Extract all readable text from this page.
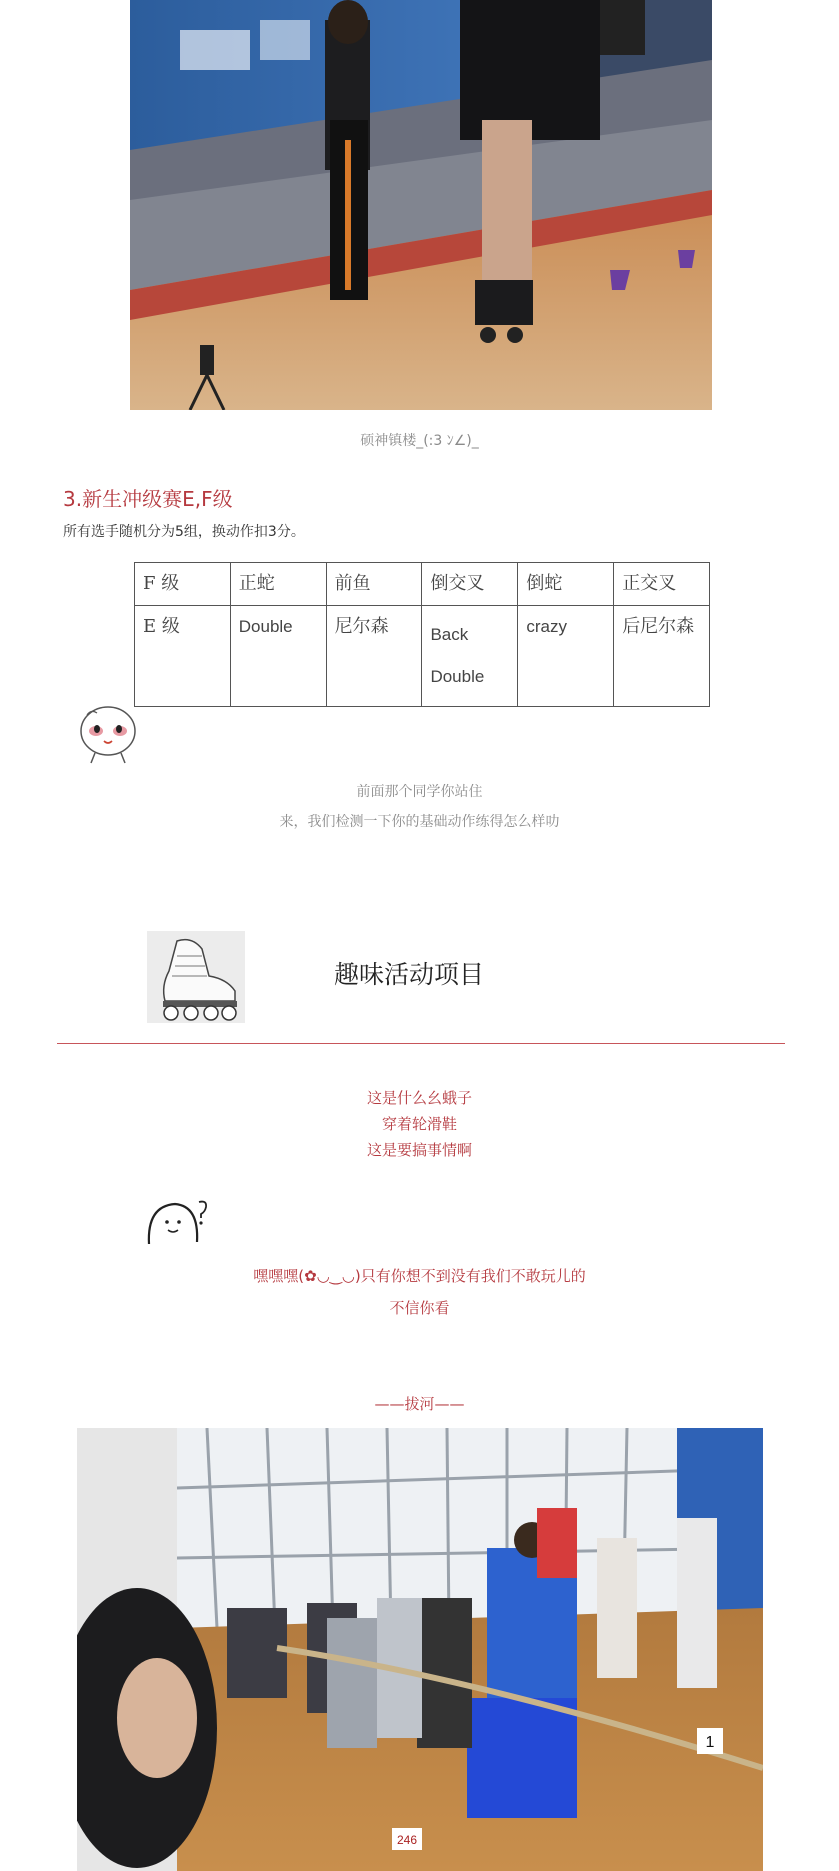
硕神镇楼_(:3 ﾝ∠)_
3.新生冲级赛E,F级
所有选手随机分为5组，换动作扣3分。
F 级	正蛇	前鱼	倒交叉	倒蛇	正交叉
E 级	Double	尼尔森	Back Double	crazy	后尼尔森
前面那个同学你站住
来，我们检测一下你的基础动作练得怎么样叻
趣味活动项目
这是什么幺蛾子
穿着轮滑鞋
这是要搞事情啊
嘿嘿嘿(✿◡‿◡)只有你想不到没有我们不敢玩儿的
不信你看
——拔河——
1
246
